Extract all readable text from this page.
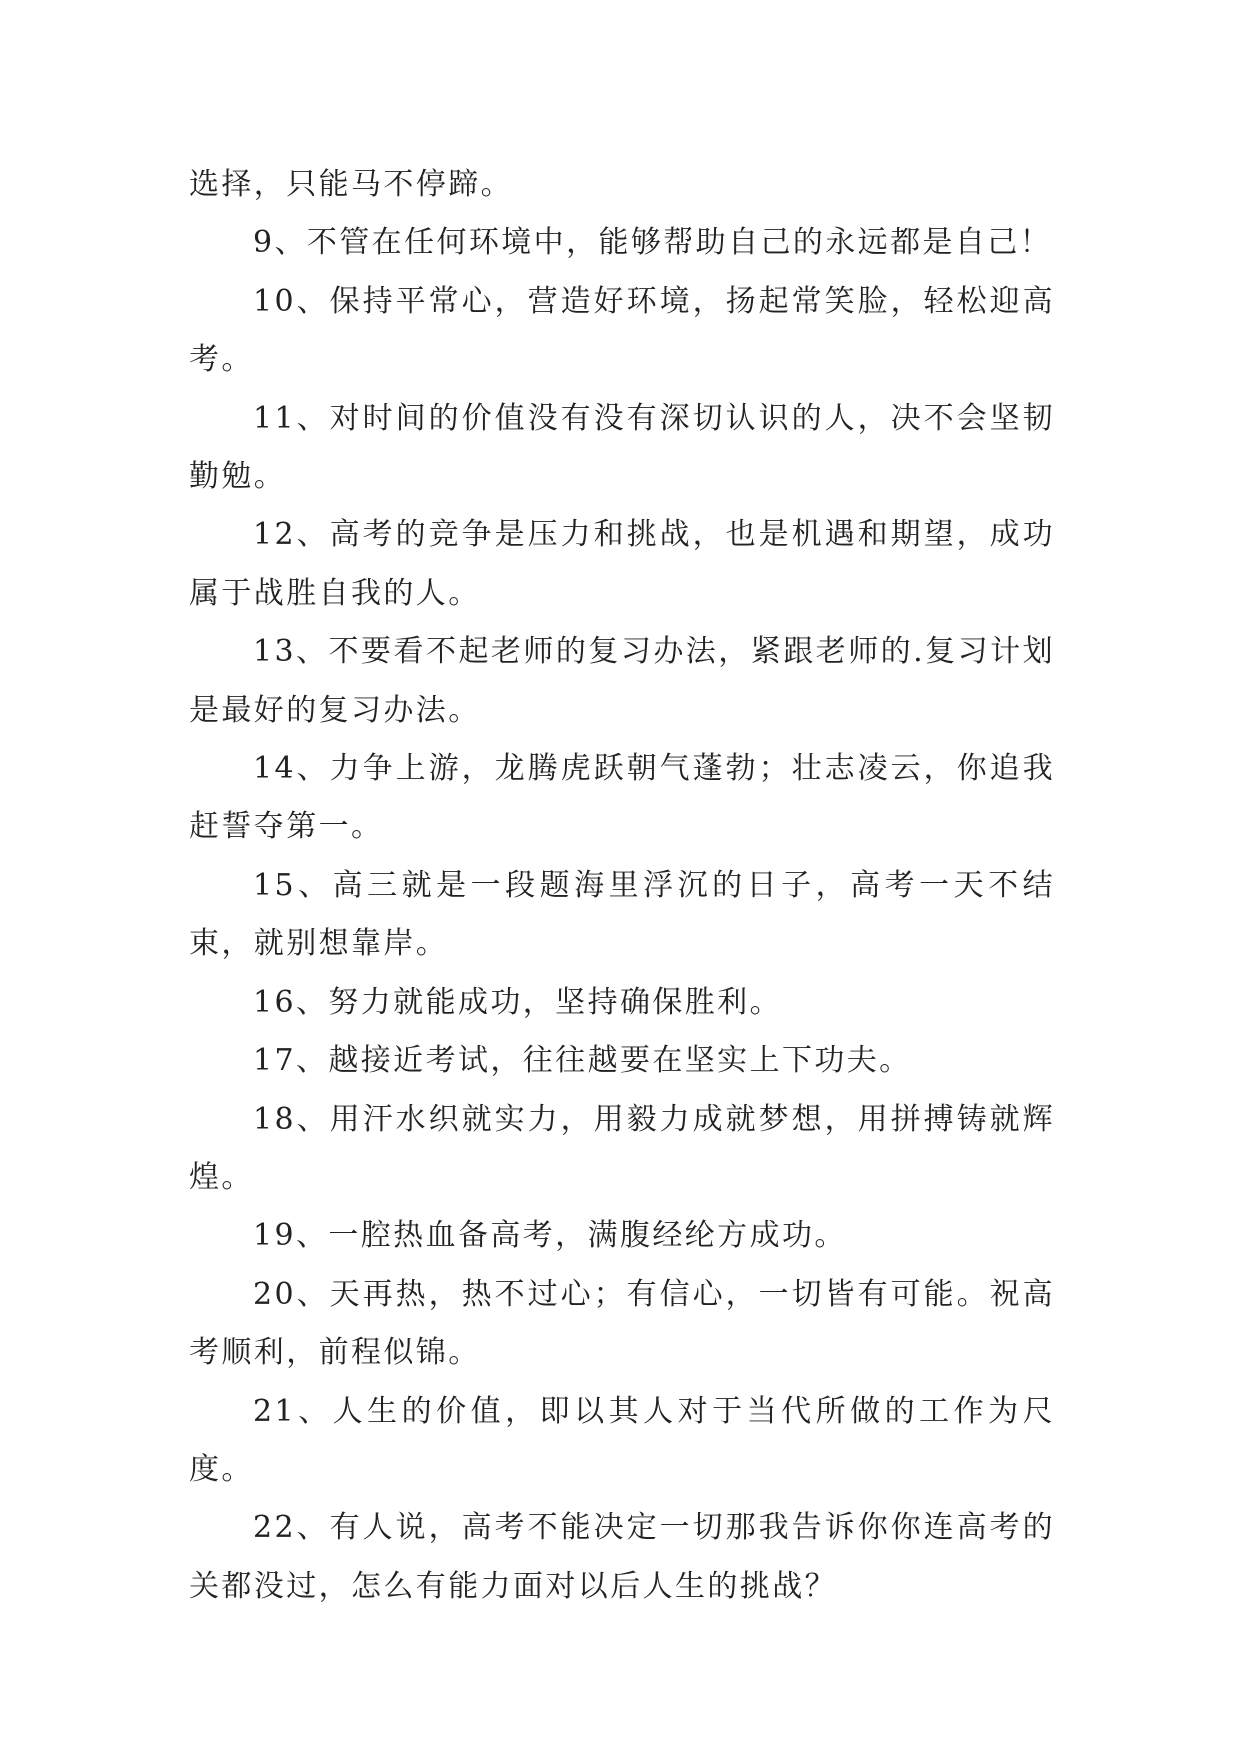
选择，只能马不停蹄。

9、不管在任何环境中，能够帮助自己的永远都是自己！

10、保持平常心，营造好环境，扬起常笑脸，轻松迎高考。

11、对时间的价值没有没有深切认识的人，决不会坚韧勤勉。

12、高考的竞争是压力和挑战，也是机遇和期望，成功属于战胜自我的人。

13、不要看不起老师的复习办法，紧跟老师的.复习计划是最好的复习办法。

14、力争上游，龙腾虎跃朝气蓬勃；壮志凌云，你追我赶誓夺第一。

15、高三就是一段题海里浮沉的日子，高考一天不结束，就别想靠岸。

16、努力就能成功，坚持确保胜利。

17、越接近考试，往往越要在坚实上下功夫。

18、用汗水织就实力，用毅力成就梦想，用拼搏铸就辉煌。

19、一腔热血备高考，满腹经纶方成功。

20、天再热，热不过心；有信心，一切皆有可能。祝高考顺利，前程似锦。

21、人生的价值，即以其人对于当代所做的工作为尺度。

22、有人说，高考不能决定一切那我告诉你你连高考的关都没过，怎么有能力面对以后人生的挑战？
